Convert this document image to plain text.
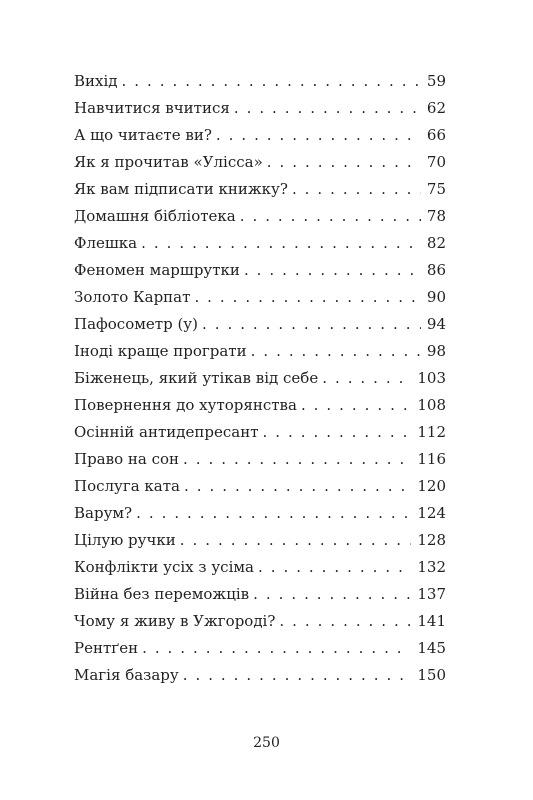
Вихід . . .	59
Навчитися вчитися . . .	62
А що читаєте ви? . . .	66
Як я прочитав «Улісса» . . .	70
Як вам підписати книжку? . . .	75
Домашня бібліотека . . .	78
Флешка . . .	82
Феномен маршрутки . . .	86
Золото Карпат . . .	90
Пафосометр (у) . . .	94
Іноді краще програти . . .	98
Біженець, який утікав від себе . . .	103
Повернення до хуторянства . . .	108
Осінній антидепресант . . .	112
Право на сон . . .	116
Послуга ката . . .	120
Варум? . . .	124
Цілую ручки . . .	128
Конфлікти усіх з усіма . . .	132
Війна без переможців . . .	137
Чому я живу в Ужгороді? . . .	141
Рентґен . . .	145
Магія базару . . .	150
250
